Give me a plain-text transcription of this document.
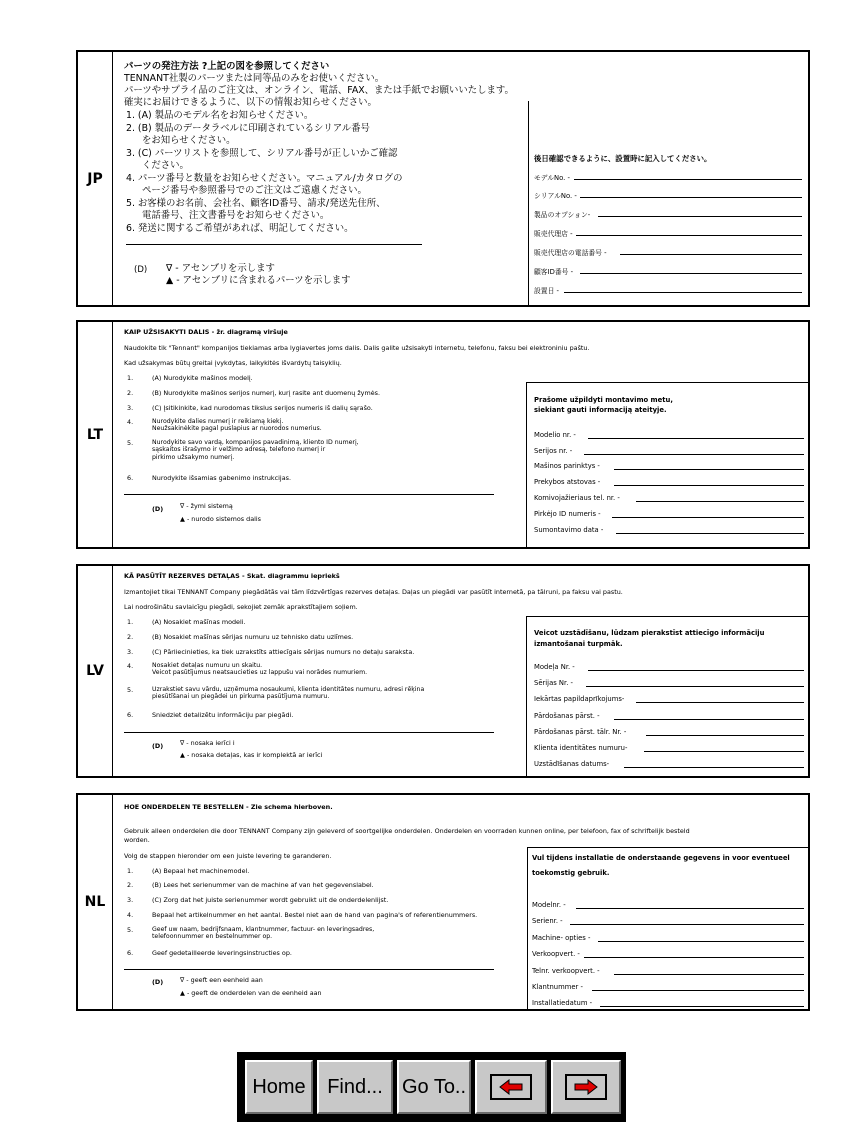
JP
パーツの発注方法 ?上記の図を参照してください
TENNANT社製のパーツまたは同等品のみをお使いください。
パーツやサプライ品のご注文は、オンライン、電話、FAX、または手紙でお願いいたします。
確実にお届けできるように、以下の情報お知らせください。
1. (A) 製品のモデル名をお知らせください。
2. (B) 製品のデータラベルに印刷されているシリアル番号
をお知らせください。
3. (C) パーツリストを参照して、シリアル番号が正しいかご確認
ください。
4. パーツ番号と数量をお知らせください。マニュアル/カタログの
ページ番号や参照番号でのご注文はご遠慮ください。
5. お客様のお名前、会社名、顧客ID番号、請求/発送先住所、
電話番号、注文書番号をお知らせください。
6. 発送に関するご希望があれば、明記してください。
(D) ∇ - アセンブリを示します
▲ - アセンブリに含まれるパーツを示します
後日確認できるように、設置時に記入してください。
モデルNo. -
シリアルNo. -
製品のオプション-
販売代理店 -
販売代理店の電話番号 -
顧客ID番号 -
設置日 -
LT
KAIP UŽSISAKYTI DALIS - žr. diagramą viršuje
Naudokite tik "Tennant" kompanijos tiekiamas arba lygiavertes joms dalis. Dalis galite užsisakyti internetu, telefonu, faksu bei elektroniniu paštu.
Kad užsakymas būtų greitai įvykdytas, laikykitės išvardytų taisyklių.
1.	(A) Nurodykite mašinos modelį.
2.	(B) Nurodykite mašinos serijos numerį, kurį rasite ant duomenų žymės.
3.	(C) Įsitikinkite, kad nurodomas tikslus serijos numeris iš dalių sąrašo.
4.	Nurodykite dalies numerį ir reikiamą kiekį.
Neužsakinėkite pagal puslapius ar nuorodos numerius.
5.	Nurodykite savo vardą, kompanijos pavadinimą, kliento ID numerį,
sąskaitos išrašymo ir velžimo adresą, telefono numerį ir
pirkimo užsakymo numerį.
6.	Nurodykite išsamias gabenimo instrukcijas.
(D)	∇ - žymi sistemą
▲ - nurodo sistemos dalis
Prašome užpildyti montavimo metu,
siekiant gauti informaciją ateityje.
Modelio nr. -
Serijos nr. -
Mašinos parinktys -
Prekybos atstovas -
Komivojažieriaus tel. nr. -
Pirkėjo ID numeris -
Sumontavimo data -
LV
KĀ PASŪTĪT REZERVES DETAĻAS - Skat. diagrammu iepriekš
Izmantojiet tikai TENNANT Company piegādātās vai tām līdzvērtīgas rezerves detaļas. Daļas un piegādi var pasūtīt internetā, pa tālruni, pa faksu vai pastu.
Lai nodrošinātu savlaicīgu piegādi, sekojiet zemāk aprakstītajiem soļiem.
1.	(A) Nosakiet mašīnas modeli.
2.	(B) Nosakiet mašīnas sērijas numuru uz tehnisko datu uzlīmes.
3.	(C) Pārliecinieties, ka tiek uzrakstīts attiecīgais sērijas numurs no detaļu saraksta.
4.	Nosakiet detaļas numuru un skaitu.
Veicot pasūtījumus neatsaucieties uz lappušu vai norādes numuriem.
5.	Uzrakstiet savu vārdu, uzņēmuma nosaukumi, klienta identitātes numuru, adresi rēķina
piesūtīšanai un piegādei un pirkuma pasūtījuma numuru.
6.	Sniedziet detalizētu informāciju par piegādi.
(D)	∇ - nosaka ierīci i
▲ - nosaka detaļas, kas ir komplektā ar ierīci
Veicot uzstādīšanu, lūdzam pierakstīst attiecīgo informāciju
izmantošanai turpmāk.
Modeļa Nr. -
Sērijas Nr. -
Iekārtas papildaprīkojums-
Pārdošanas pārst. -
Pārdošanas pārst. tālr. Nr. -
Klienta identitātes numuru-
Uzstādīšanas datums-
NL
HOE ONDERDELEN TE BESTELLEN - Zie schema hierboven.
Gebruik alleen onderdelen die door TENNANT Company zijn geleverd of soortgelijke onderdelen. Onderdelen en voorraden kunnen online, per telefoon, fax of schriftelijk besteld
worden.
Volg de stappen hieronder om een juiste levering te garanderen.
1.	(A) Bepaal het machinemodel.
2.	(B) Lees het serienummer van de machine af van het gegevenslabel.
3.	(C) Zorg dat het juiste serienummer wordt gebruikt uit de onderdelenlijst.
4.	Bepaal het artikelnummer en het aantal. Bestel niet aan de hand van pagina's of referentienummers.
5.	Geef uw naam, bedrijfsnaam, klantnummer, factuur- en leveringsadres,
telefoonnummer en bestelnummer op.
6.	Geef gedetailleerde leveringsinstructies op.
(D)	∇ - geeft een eenheid aan
▲ - geeft de onderdelen van de eenheid aan
Vul tijdens installatie de onderstaande gegevens in voor eventueel
toekomstig gebruik.
Modelnr. -
Serienr. -
Machine- opties -
Verkoopvert. -
Telnr. verkoopvert. -
Klantnummer -
Installatiedatum -
Home	Find... Go To..
